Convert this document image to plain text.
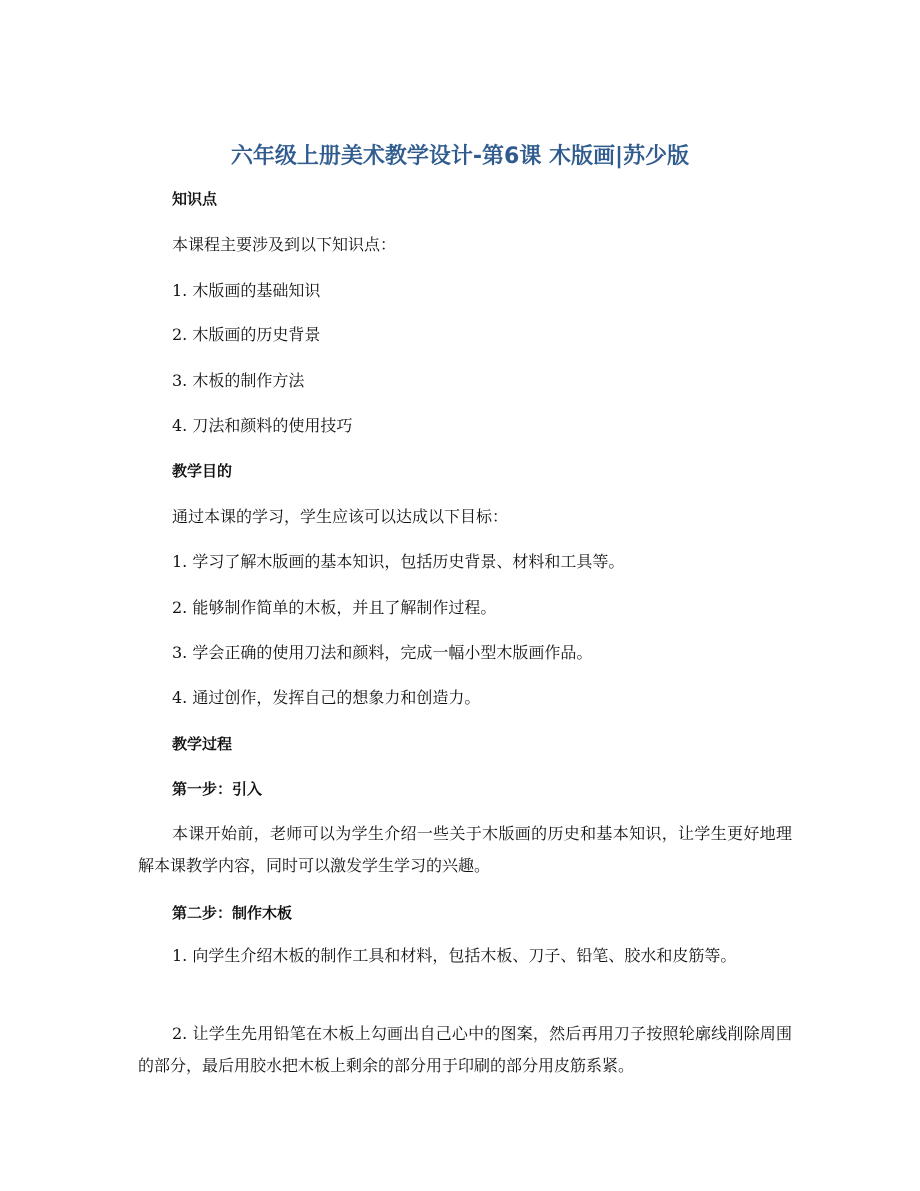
六年级上册美术教学设计-第6课 木版画|苏少版
知识点
本课程主要涉及到以下知识点：
1. 木版画的基础知识
2. 木版画的历史背景
3. 木板的制作方法
4. 刀法和颜料的使用技巧
教学目的
通过本课的学习，学生应该可以达成以下目标：
1. 学习了解木版画的基本知识，包括历史背景、材料和工具等。
2. 能够制作简单的木板，并且了解制作过程。
3. 学会正确的使用刀法和颜料，完成一幅小型木版画作品。
4. 通过创作，发挥自己的想象力和创造力。
教学过程
第一步：引入
本课开始前，老师可以为学生介绍一些关于木版画的历史和基本知识，让学生更好地理解本课教学内容，同时可以激发学生学习的兴趣。
第二步：制作木板
1. 向学生介绍木板的制作工具和材料，包括木板、刀子、铅笔、胶水和皮筋等。
2. 让学生先用铅笔在木板上勾画出自己心中的图案，然后再用刀子按照轮廓线削除周围的部分，最后用胶水把木板上剩余的部分用于印刷的部分用皮筋系紧。
